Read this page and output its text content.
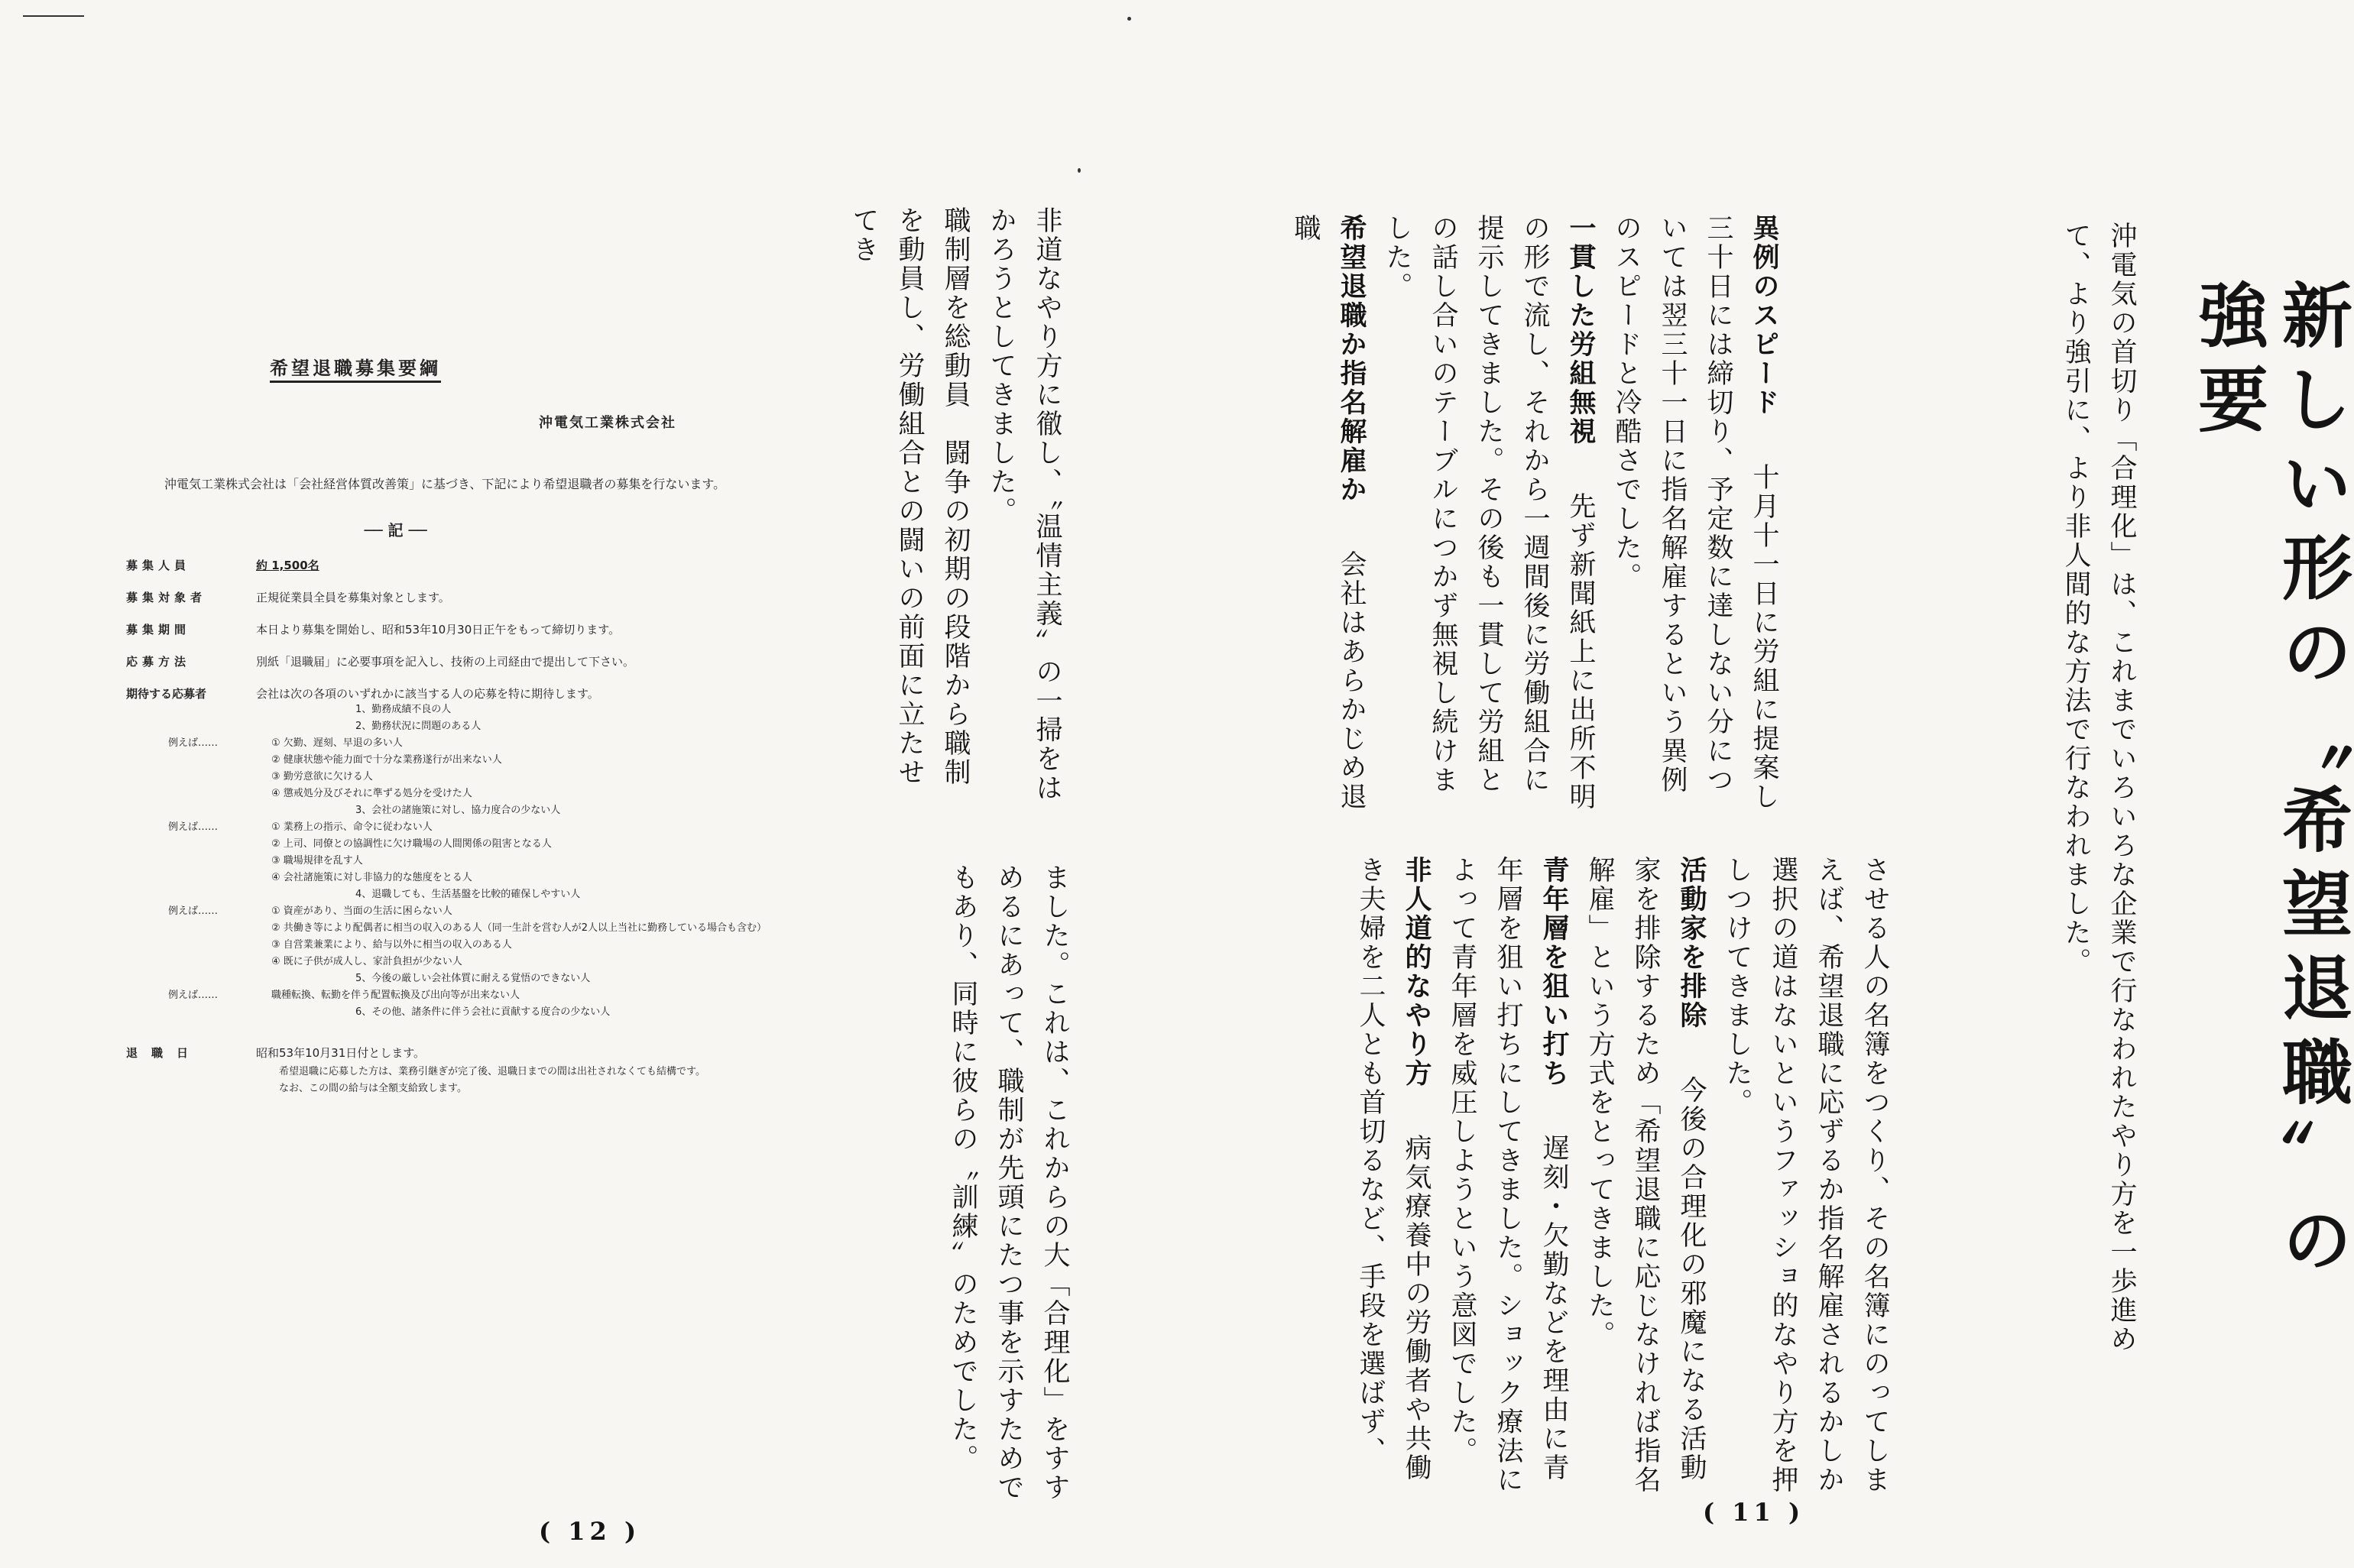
新しい形の〝希望退職〟の強要

沖電気の首切り「合理化」は、これまでいろいろな企業で行なわれたやり方を一歩進めて、より強引に、より非人間的な方法で行なわれました。

異例のスピード　十月十一日に労組に提案し三十日には締切り、予定数に達しない分については翌三十一日に指名解雇するという異例のスピードと冷酷さでした。

一貫した労組無視　先ず新聞紙上に出所不明の形で流し、それから一週間後に労働組合に提示してきました。その後も一貫して労組との話し合いのテーブルにつかず無視し続けました。

希望退職か指名解雇か　会社はあらかじめ退職

させる人の名簿をつくり、その名簿にのってしまえば、希望退職に応ずるか指名解雇されるかしか選択の道はないというファッショ的なやり方を押しつけてきました。

活動家を排除　今後の合理化の邪魔になる活動家を排除するため「希望退職に応じなければ指名解雇」という方式をとってきました。

青年層を狙い打ち　遅刻・欠勤などを理由に青年層を狙い打ちにしてきました。ショック療法によって青年層を威圧しようという意図でした。

非人道的なやり方　病気療養中の労働者や共働き夫婦を二人とも首切るなど、手段を選ばず、

( 11 )

非道なやり方に徹し、〝温情主義〟の一掃をはかろうとしてきました。

職制層を総動員　闘争の初期の段階から職制を動員し、労働組合との闘いの前面に立たせてき

ました。これは、これからの大「合理化」をすすめるにあって、職制が先頭にたつ事を示すためでもあり、同時に彼らの〝訓練〟のためでした。

希望退職募集要綱
沖電気工業株式会社
沖電気工業株式会社は「会社経営体質改善策」に基づき、下記により希望退職者の募集を行ないます。
── 記 ──
募集人員	約 1,500名
募集対象者	正規従業員全員を募集対象とします。
募集期間	本日より募集を開始し、昭和53年10月30日正午をもって締切ります。
応募方法	別紙「退職届」に必要事項を記入し、技術の上司経由で提出して下さい。
期待する応募者	会社は次の各項のいずれかに該当する人の応募を特に期待します。
1、勤務成績不良の人
2、勤務状況に問題のある人
例えば……	① 欠勤、遅刻、早退の多い人
② 健康状態や能力面で十分な業務遂行が出来ない人
③ 勤労意欲に欠ける人
④ 懲戒処分及びそれに準ずる処分を受けた人
3、会社の諸施策に対し、協力度合の少ない人
例えば……	① 業務上の指示、命令に従わない人
② 上司、同僚との協調性に欠け職場の人間関係の阻害となる人
③ 職場規律を乱す人
④ 会社諸施策に対し非協力的な態度をとる人
4、退職しても、生活基盤を比較的確保しやすい人
例えば……	① 資産があり、当面の生活に困らない人
② 共働き等により配偶者に相当の収入のある人（同一生計を営む人が2人以上当社に勤務している場合も含む）
③ 自営業兼業により、給与以外に相当の収入のある人
④ 既に子供が成人し、家計負担が少ない人
5、今後の厳しい会社体質に耐える覚悟のできない人
例えば……	職種転換、転勤を伴う配置転換及び出向等が出来ない人
6、その他、諸条件に伴う会社に貢献する度合の少ない人
退職日	昭和53年10月31日付とします。
希望退職に応募した方は、業務引継ぎが完了後、退職日までの間は出社されなくても結構です。
なお、この間の給与は全額支給致します。
( 12 )
